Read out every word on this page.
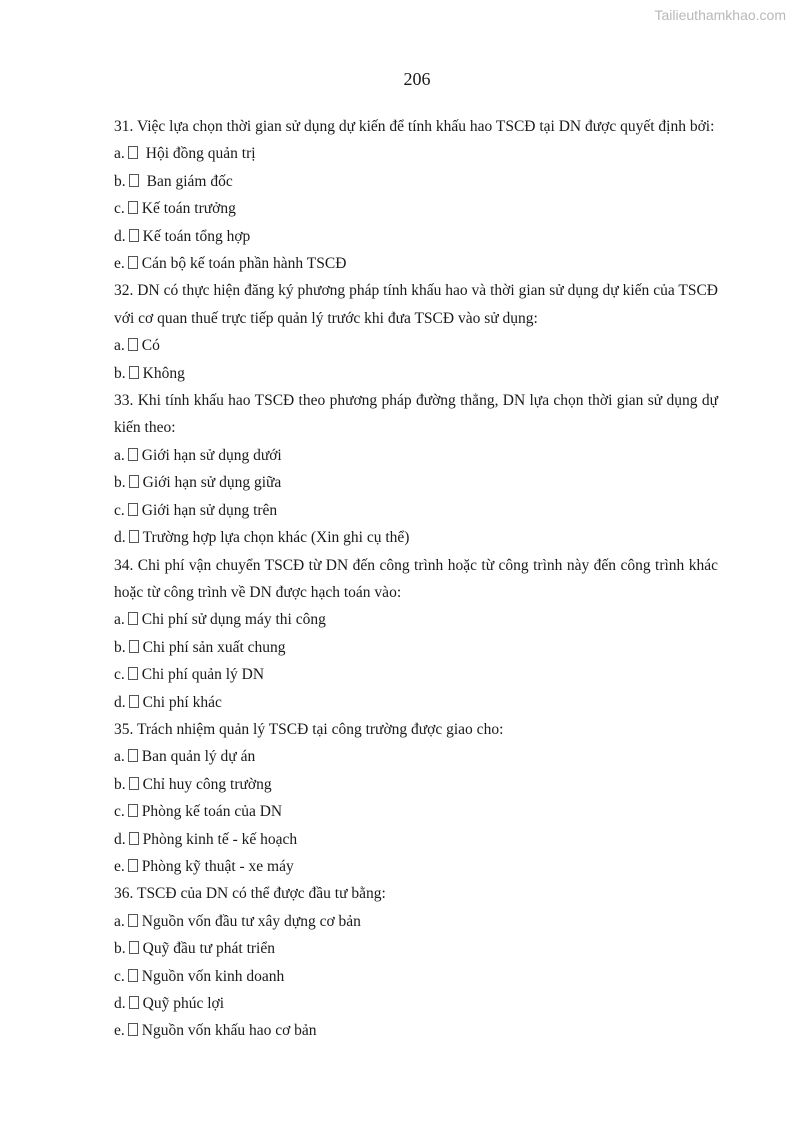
Tailieuthamkhao.com
206
31. Việc lựa chọn thời gian sử dụng dự kiến để tính khấu hao TSCĐ tại DN được quyết định bởi:
a. Hội đồng quản trị
b. Ban giám đốc
c. Kế toán trưởng
d. Kế toán tổng hợp
e. Cán bộ kế toán phần hành TSCĐ
32. DN có thực hiện đăng ký phương pháp tính khấu hao và thời gian sử dụng dự kiến của TSCĐ với cơ quan thuế trực tiếp quản lý trước khi đưa TSCĐ vào sử dụng:
a. Có
b. Không
33. Khi tính khấu hao TSCĐ theo phương pháp đường thẳng, DN lựa chọn thời gian sử dụng dự kiến theo:
a. Giới hạn sử dụng dưới
b. Giới hạn sử dụng giữa
c. Giới hạn sử dụng trên
d. Trường hợp lựa chọn khác (Xin ghi cụ thể)
34. Chi phí vận chuyển TSCĐ từ DN đến công trình hoặc từ công trình này đến công trình khác hoặc từ công trình về DN được hạch toán vào:
a. Chi phí sử dụng máy thi công
b. Chi phí sản xuất chung
c. Chi phí quản lý DN
d. Chi phí khác
35. Trách nhiệm quản lý TSCĐ tại công trường được giao cho:
a. Ban quản lý dự án
b. Chỉ huy công trường
c. Phòng kế toán của DN
d. Phòng kinh tế - kế hoạch
e. Phòng kỹ thuật - xe máy
36. TSCĐ của DN có thể được đầu tư bằng:
a. Nguồn vốn đầu tư xây dựng cơ bản
b. Quỹ đầu tư phát triển
c. Nguồn vốn kinh doanh
d. Quỹ phúc lợi
e. Nguồn vốn khấu hao cơ bản
